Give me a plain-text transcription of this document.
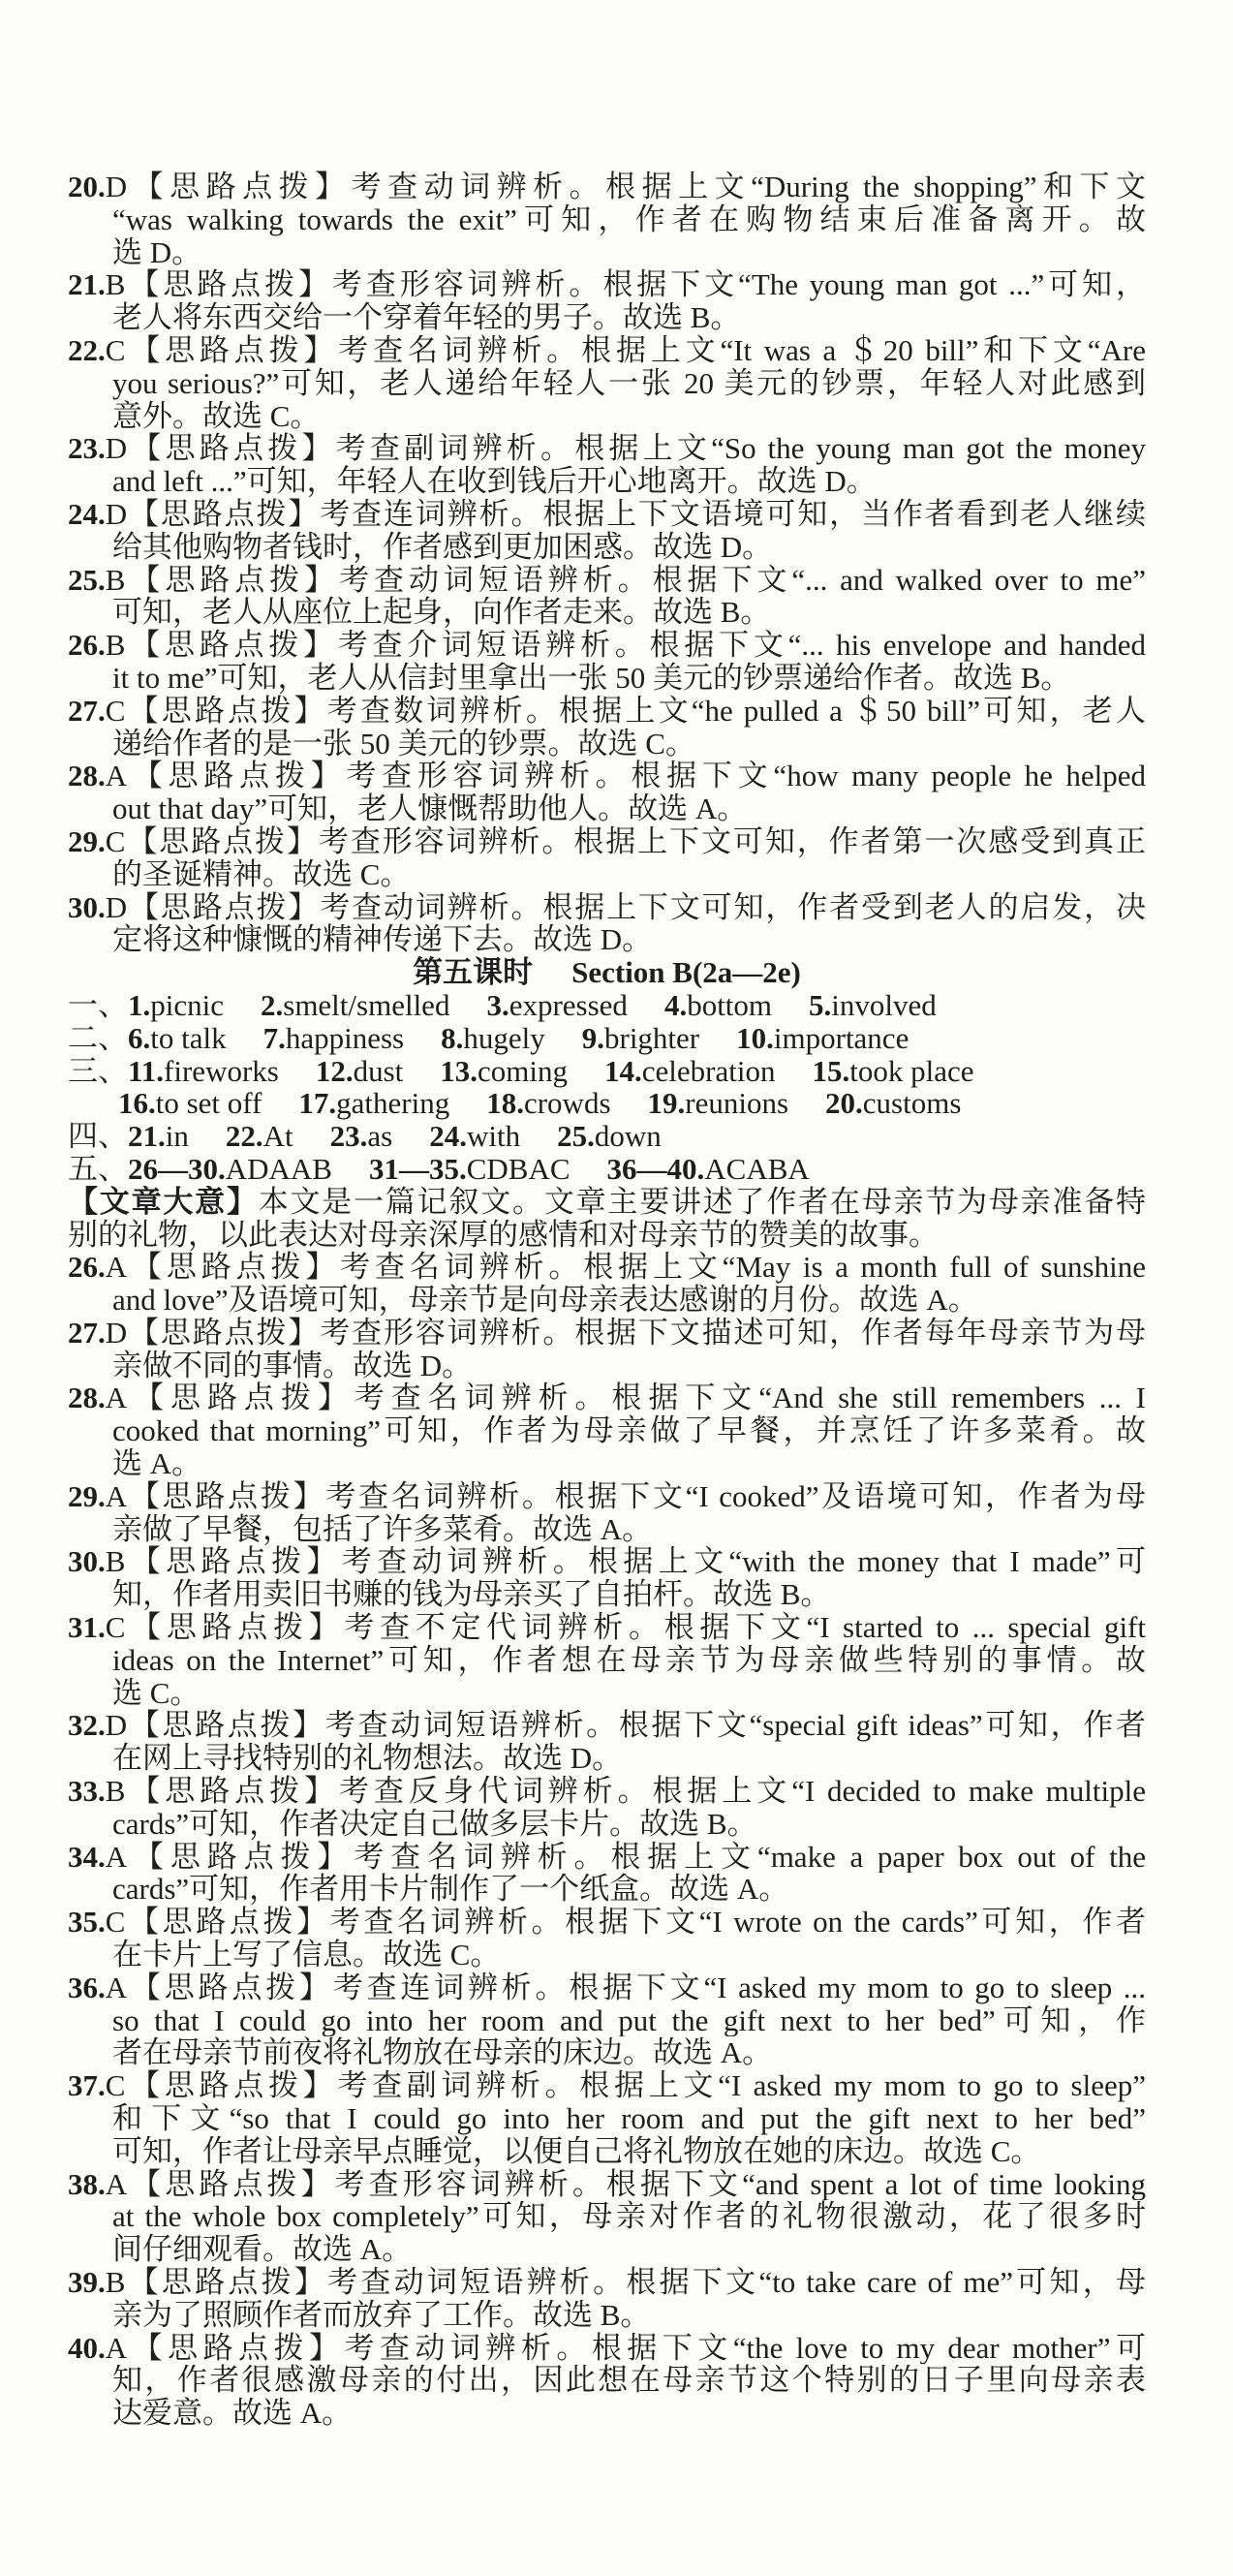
20.D【思路点拨】考查动词辨析。根据上文“During the shopping”和下文
“was walking towards the exit”可知，作者在购物结束后准备离开。故
选 D。
21.B【思路点拨】考查形容词辨析。根据下文“The young man got ...”可知，
老人将东西交给一个穿着年轻的男子。故选 B。
22.C【思路点拨】考查名词辨析。根据上文“It was a ＄20 bill”和下文“Are
you serious?”可知，老人递给年轻人一张 20 美元的钞票，年轻人对此感到
意外。故选 C。
23.D【思路点拨】考查副词辨析。根据上文“So the young man got the money
and left ...”可知，年轻人在收到钱后开心地离开。故选 D。
24.D【思路点拨】考查连词辨析。根据上下文语境可知，当作者看到老人继续
给其他购物者钱时，作者感到更加困惑。故选 D。
25.B【思路点拨】考查动词短语辨析。根据下文“... and walked over to me”
可知，老人从座位上起身，向作者走来。故选 B。
26.B【思路点拨】考查介词短语辨析。根据下文“... his envelope and handed
it to me”可知，老人从信封里拿出一张 50 美元的钞票递给作者。故选 B。
27.C【思路点拨】考查数词辨析。根据上文“he pulled a ＄50 bill”可知，老人
递给作者的是一张 50 美元的钞票。故选 C。
28.A【思路点拨】考查形容词辨析。根据下文“how many people he helped
out that day”可知，老人慷慨帮助他人。故选 A。
29.C【思路点拨】考查形容词辨析。根据上下文可知，作者第一次感受到真正
的圣诞精神。故选 C。
30.D【思路点拨】考查动词辨析。根据上下文可知，作者受到老人的启发，决
定将这种慷慨的精神传递下去。故选 D。
第五课时 Section B(2a—2e)
一、1.picnic 2.smelt/smelled 3.expressed 4.bottom 5.involved
二、6.to talk 7.happiness 8.hugely 9.brighter 10.importance
三、11.fireworks 12.dust 13.coming 14.celebration 15.took place
16.to set off 17.gathering 18.crowds 19.reunions 20.customs
四、21.in 22.At 23.as 24.with 25.down
五、26—30.ADAAB 31—35.CDBAC 36—40.ACABA
【文章大意】本文是一篇记叙文。文章主要讲述了作者在母亲节为母亲准备特
别的礼物，以此表达对母亲深厚的感情和对母亲节的赞美的故事。
26.A【思路点拨】考查名词辨析。根据上文“May is a month full of sunshine
and love”及语境可知，母亲节是向母亲表达感谢的月份。故选 A。
27.D【思路点拨】考查形容词辨析。根据下文描述可知，作者每年母亲节为母
亲做不同的事情。故选 D。
28.A【思路点拨】考查名词辨析。根据下文“And she still remembers ... I
cooked that morning”可知，作者为母亲做了早餐，并烹饪了许多菜肴。故
选 A。
29.A【思路点拨】考查名词辨析。根据下文“I cooked”及语境可知，作者为母
亲做了早餐，包括了许多菜肴。故选 A。
30.B【思路点拨】考查动词辨析。根据上文“with the money that I made”可
知，作者用卖旧书赚的钱为母亲买了自拍杆。故选 B。
31.C【思路点拨】考查不定代词辨析。根据下文“I started to ... special gift
ideas on the Internet”可知，作者想在母亲节为母亲做些特别的事情。故
选 C。
32.D【思路点拨】考查动词短语辨析。根据下文“special gift ideas”可知，作者
在网上寻找特别的礼物想法。故选 D。
33.B【思路点拨】考查反身代词辨析。根据上文“I decided to make multiple
cards”可知，作者决定自己做多层卡片。故选 B。
34.A【思路点拨】考查名词辨析。根据上文“make a paper box out of the
cards”可知，作者用卡片制作了一个纸盒。故选 A。
35.C【思路点拨】考查名词辨析。根据下文“I wrote on the cards”可知，作者
在卡片上写了信息。故选 C。
36.A【思路点拨】考查连词辨析。根据下文“I asked my mom to go to sleep ...
so that I could go into her room and put the gift next to her bed”可知，作
者在母亲节前夜将礼物放在母亲的床边。故选 A。
37.C【思路点拨】考查副词辨析。根据上文“I asked my mom to go to sleep”
和下文“so that I could go into her room and put the gift next to her bed”
可知，作者让母亲早点睡觉，以便自己将礼物放在她的床边。故选 C。
38.A【思路点拨】考查形容词辨析。根据下文“and spent a lot of time looking
at the whole box completely”可知，母亲对作者的礼物很激动，花了很多时
间仔细观看。故选 A。
39.B【思路点拨】考查动词短语辨析。根据下文“to take care of me”可知，母
亲为了照顾作者而放弃了工作。故选 B。
40.A【思路点拨】考查动词辨析。根据下文“the love to my dear mother”可
知，作者很感激母亲的付出，因此想在母亲节这个特别的日子里向母亲表
达爱意。故选 A。
